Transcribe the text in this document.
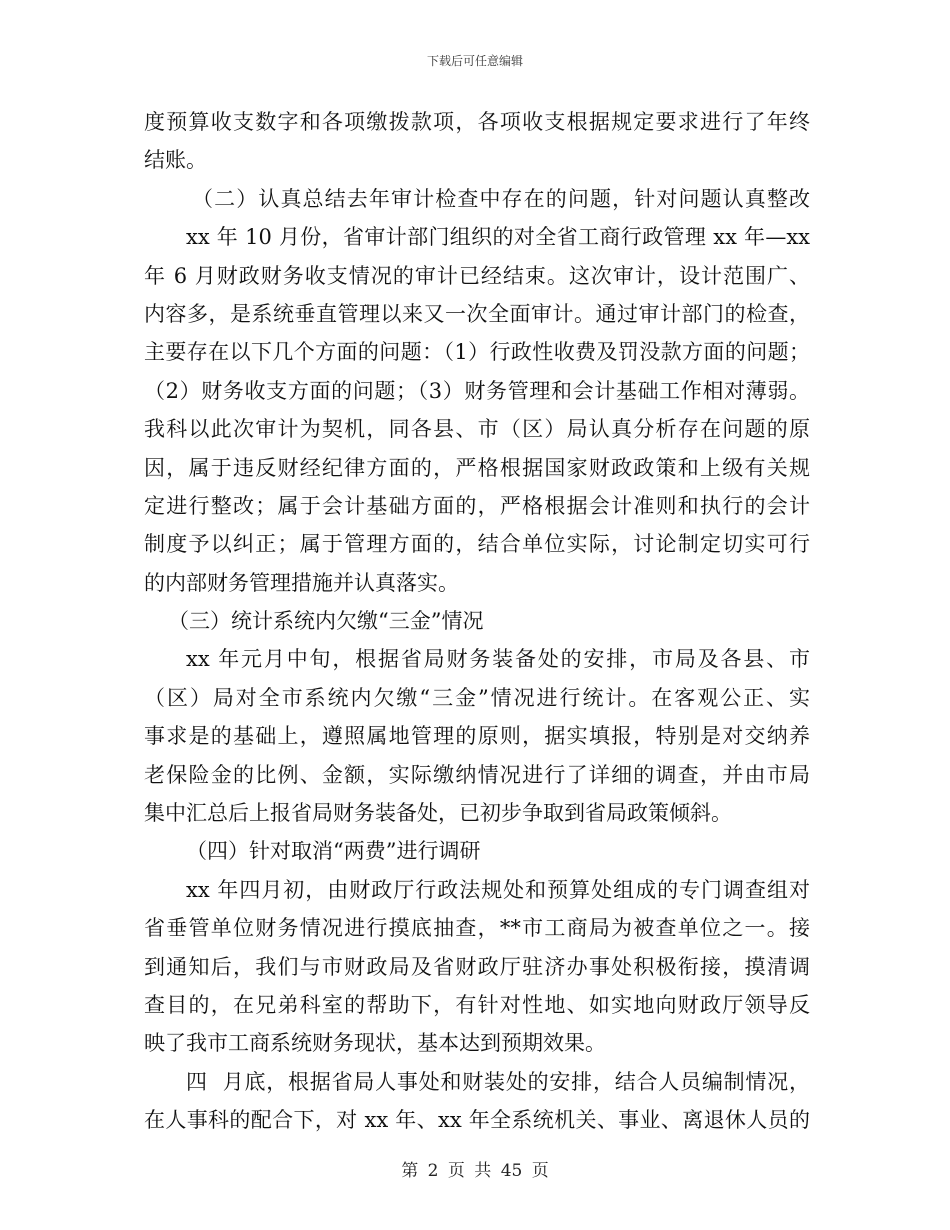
下载后可任意编辑
度预算收支数字和各项缴拨款项，各项收支根据规定要求进行了年终
结账。
（二）认真总结去年审计检查中存在的问题，针对问题认真整改
xx 年 10 月份，省审计部门组织的对全省工商行政管理 xx 年—xx
年 6 月财政财务收支情况的审计已经结束。这次审计，设计范围广、
内容多，是系统垂直管理以来又一次全面审计。通过审计部门的检查，
主要存在以下几个方面的问题：（1）行政性收费及罚没款方面的问题；
（2）财务收支方面的问题；（3）财务管理和会计基础工作相对薄弱。
我科以此次审计为契机，同各县、市（区）局认真分析存在问题的原
因，属于违反财经纪律方面的，严格根据国家财政政策和上级有关规
定进行整改；属于会计基础方面的，严格根据会计准则和执行的会计
制度予以纠正；属于管理方面的，结合单位实际，讨论制定切实可行
的内部财务管理措施并认真落实。
（三）统计系统内欠缴“三金”情况
xx 年元月中旬，根据省局财务装备处的安排，市局及各县、市
（区）局对全市系统内欠缴“三金”情况进行统计。在客观公正、实
事求是的基础上，遵照属地管理的原则，据实填报，特别是对交纳养
老保险金的比例、金额，实际缴纳情况进行了详细的调查，并由市局
集中汇总后上报省局财务装备处，已初步争取到省局政策倾斜。
（四）针对取消“两费”进行调研
xx 年四月初，由财政厅行政法规处和预算处组成的专门调查组对
省垂管单位财务情况进行摸底抽查，**市工商局为被查单位之一。接
到通知后，我们与市财政局及省财政厅驻济办事处积极衔接，摸清调
查目的，在兄弟科室的帮助下，有针对性地、如实地向财政厅领导反
映了我市工商系统财务现状，基本达到预期效果。
四  月底，根据省局人事处和财装处的安排，结合人员编制情况，
在人事科的配合下，对 xx 年、xx 年全系统机关、事业、离退休人员的
第 2 页 共 45 页
